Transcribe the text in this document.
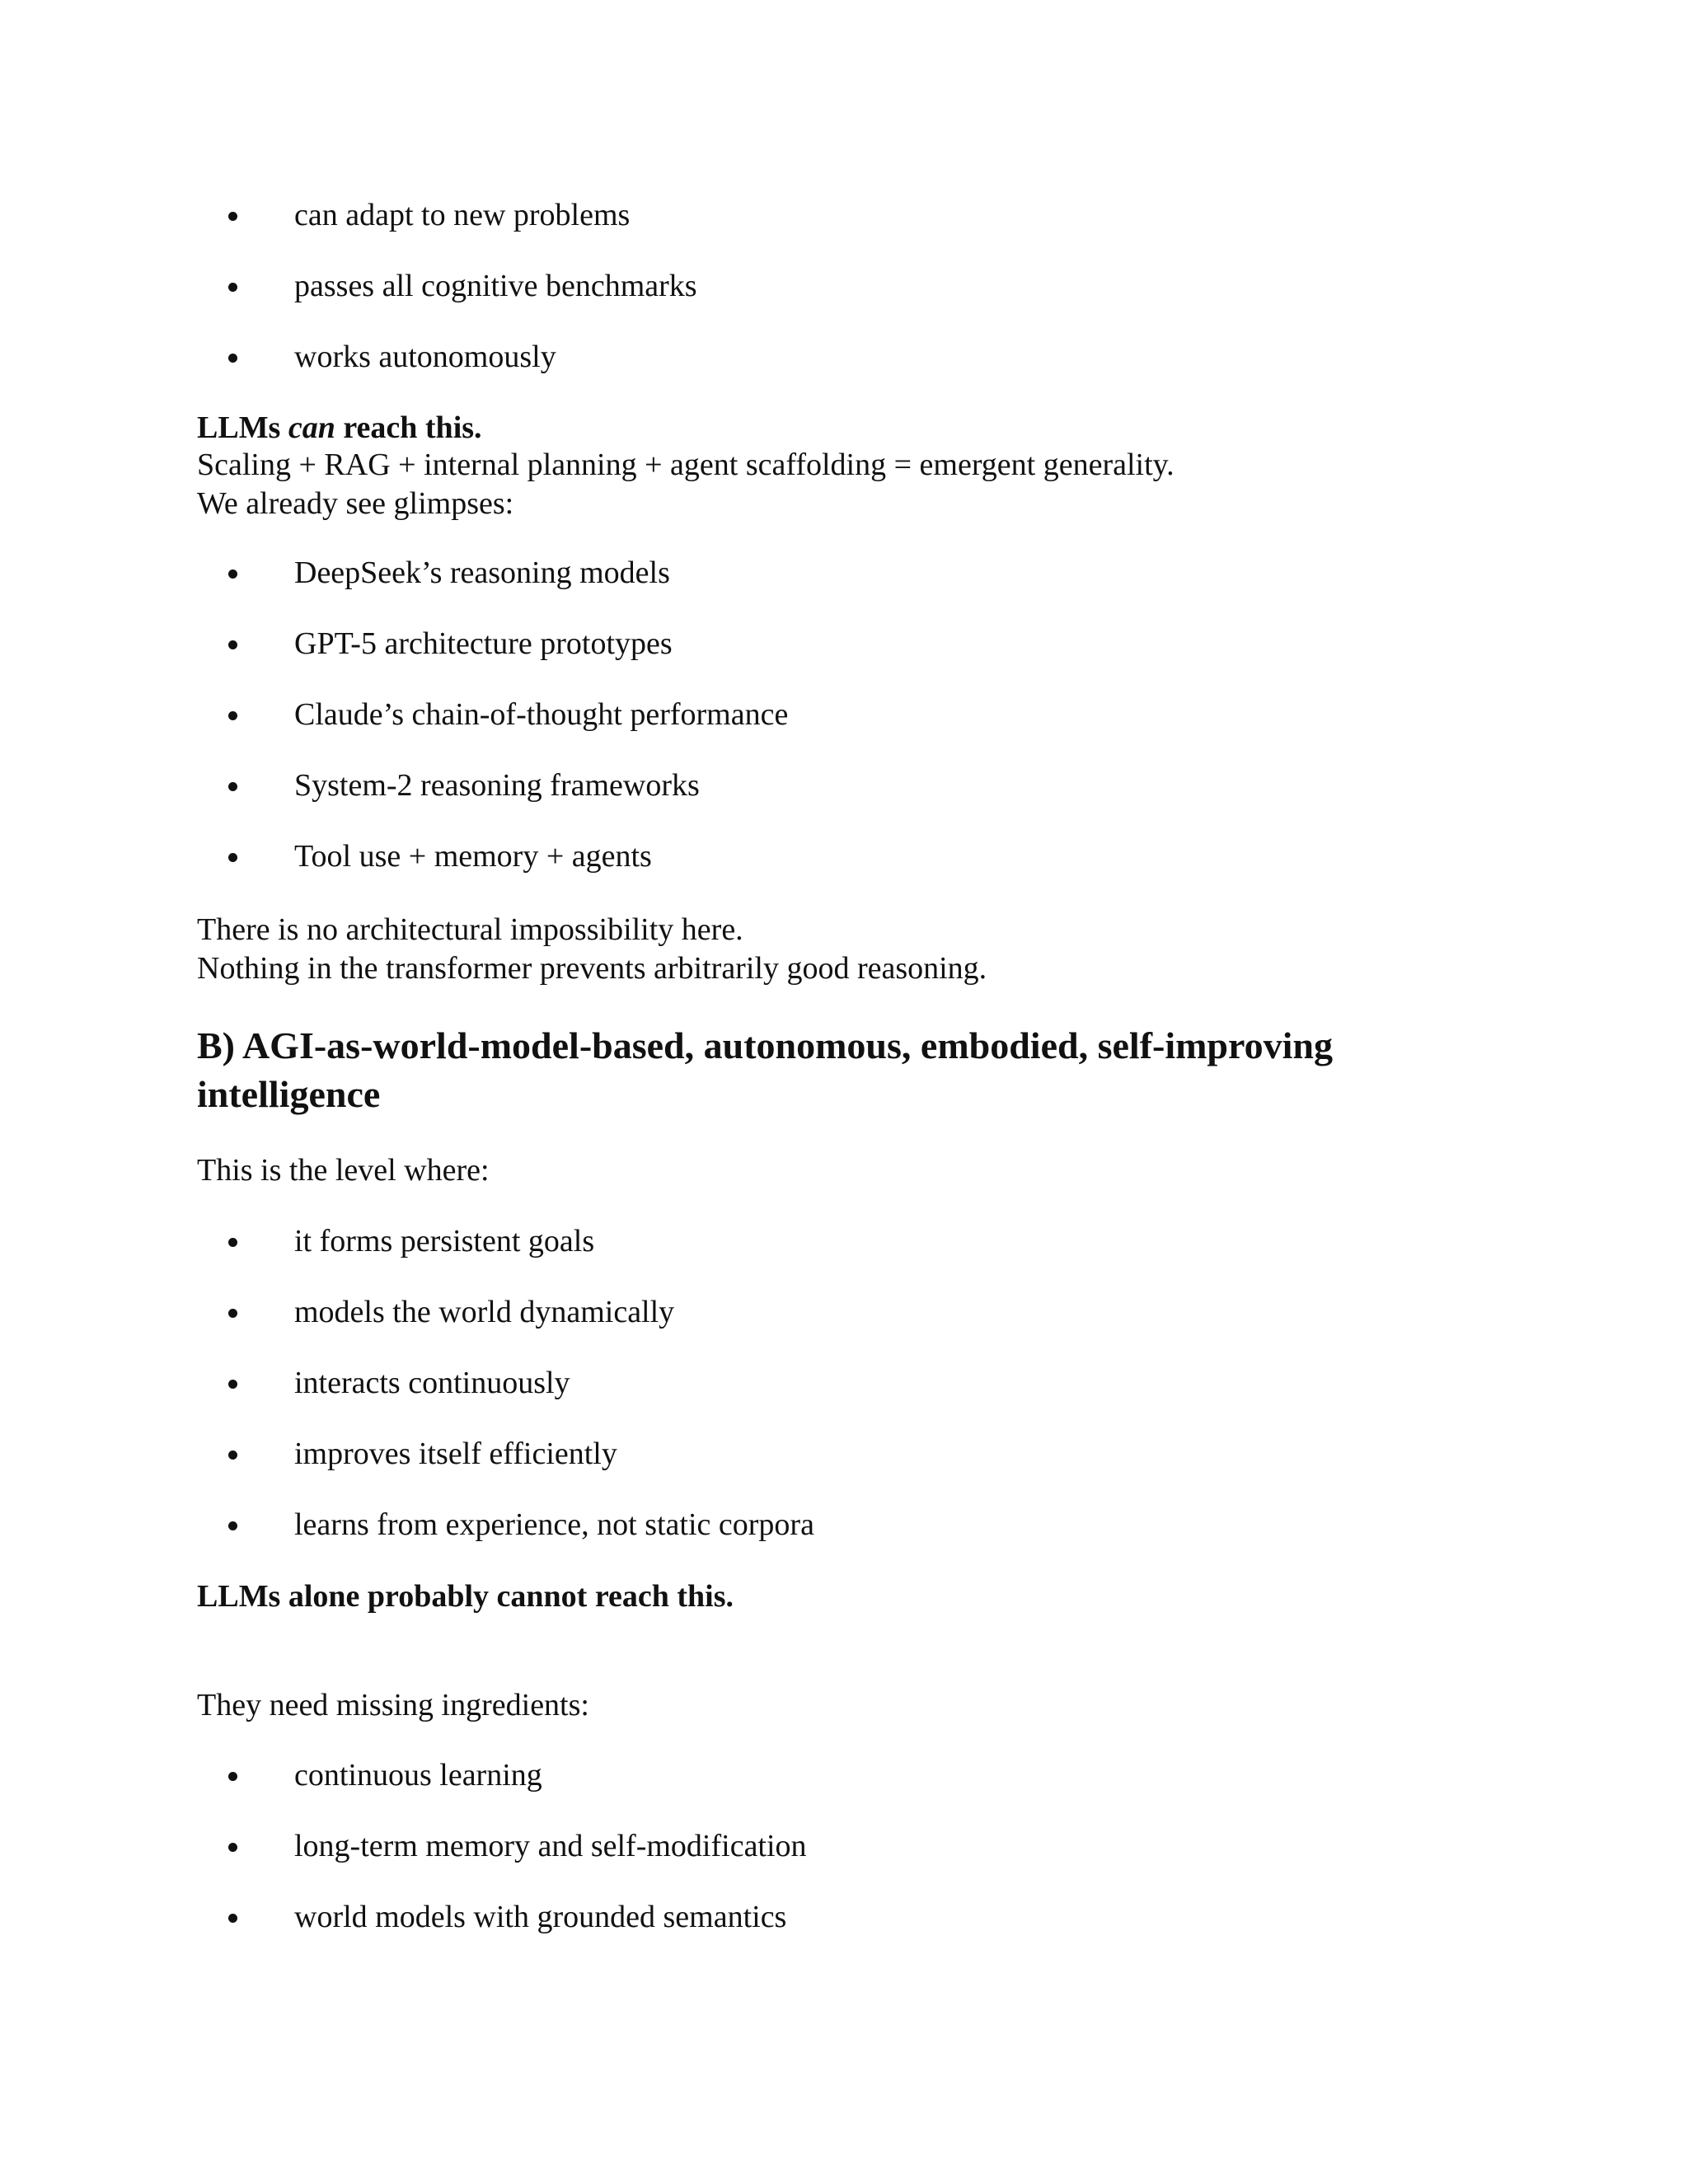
can adapt to new problems
passes all cognitive benchmarks
works autonomously
LLMs can reach this.
Scaling + RAG + internal planning + agent scaffolding = emergent generality.
We already see glimpses:
DeepSeek’s reasoning models
GPT-5 architecture prototypes
Claude’s chain-of-thought performance
System-2 reasoning frameworks
Tool use + memory + agents
There is no architectural impossibility here.
Nothing in the transformer prevents arbitrarily good reasoning.
B) AGI-as-world-model-based, autonomous, embodied, self-improving
intelligence
This is the level where:
it forms persistent goals
models the world dynamically
interacts continuously
improves itself efficiently
learns from experience, not static corpora
LLMs alone probably cannot reach this.
They need missing ingredients:
continuous learning
long-term memory and self-modification
world models with grounded semantics
